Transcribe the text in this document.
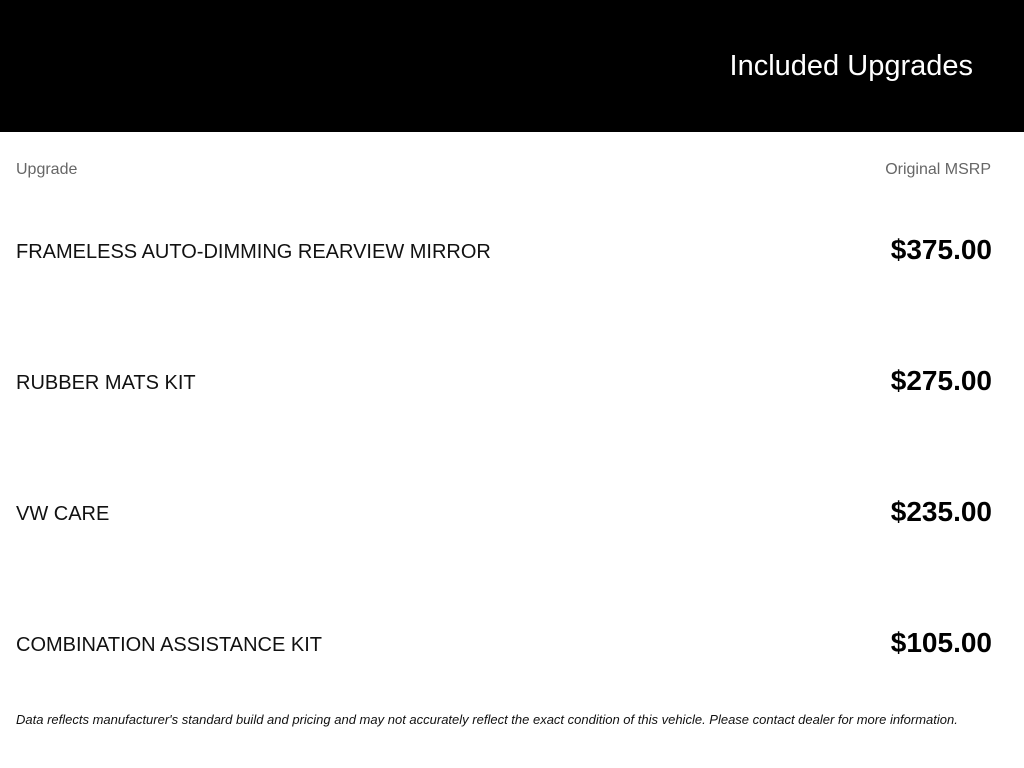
Included Upgrades
Upgrade	Original MSRP
FRAMELESS AUTO-DIMMING REARVIEW MIRROR	$375.00
RUBBER MATS KIT	$275.00
VW CARE	$235.00
COMBINATION ASSISTANCE KIT	$105.00
Data reflects manufacturer's standard build and pricing and may not accurately reflect the exact condition of this vehicle. Please contact dealer for more information.
